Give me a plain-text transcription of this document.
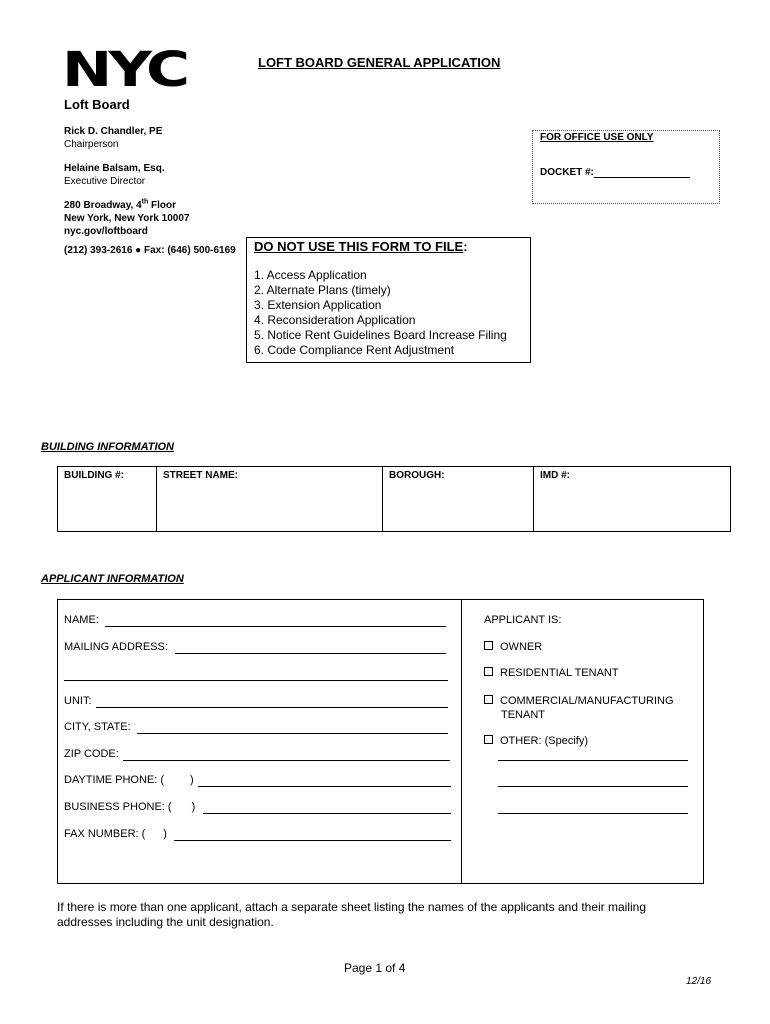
NYC
Loft Board
LOFT BOARD GENERAL APPLICATION
Rick D. Chandler, PE
Chairperson
Helaine Balsam, Esq.
Executive Director
280 Broadway, 4th Floor
New York, New York 10007
nyc.gov/loftboard
(212) 393-2616 ● Fax: (646) 500-6169
FOR OFFICE USE ONLY
DOCKET #:
DO NOT USE THIS FORM TO FILE:
1. Access Application
2. Alternate Plans (timely)
3. Extension Application
4. Reconsideration Application
5. Notice Rent Guidelines Board Increase Filing
6. Code Compliance Rent Adjustment
BUILDING INFORMATION
BUILDING #:	STREET NAME:	BOROUGH:	IMD #:
APPLICANT INFORMATION
NAME:
MAILING ADDRESS:
UNIT:
CITY, STATE:
ZIP CODE:
DAYTIME PHONE: ( )
BUSINESS PHONE: ( )
FAX NUMBER: ( )
APPLICANT IS:
OWNER
RESIDENTIAL TENANT
COMMERCIAL/MANUFACTURING
TENANT
OTHER: (Specify)
If there is more than one applicant, attach a separate sheet listing the names of the applicants and their mailing addresses including the unit designation.
Page 1 of 4
12/16
